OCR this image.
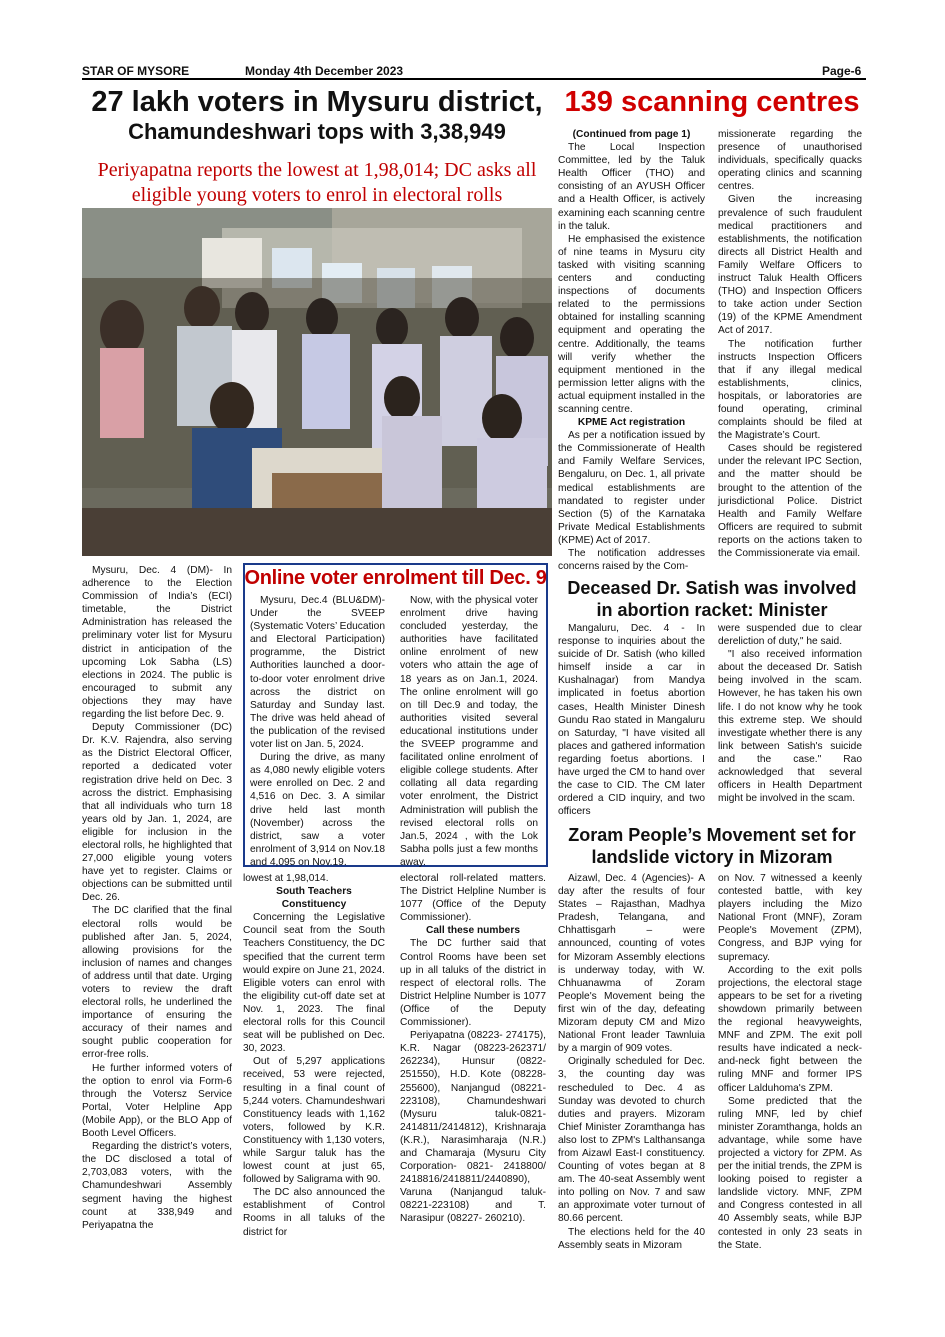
STAR OF MYSORE	Monday 4th December 2023	Page-6
27 lakh voters in Mysuru district,
Chamundeshwari tops with 3,38,949
Periyapatna reports the lowest at 1,98,014; DC asks all eligible young voters to enrol in electoral rolls

Mysuru, Dec. 4 (DM)- In adherence to the Election Commission of India’s (ECI) timetable, the District Administration has released the preliminary voter list for Mysuru district in anticipation of the upcoming Lok Sabha (LS) elections in 2024. The public is encouraged to submit any objections they may have regarding the list before Dec. 9.

Deputy Commissioner (DC) Dr. K.V. Rajendra, also serving as the District Electoral Officer, reported a dedicated voter registration drive held on Dec. 3 across the district. Emphasising that all individuals who turn 18 years old by Jan. 1, 2024, are eligible for inclusion in the electoral rolls, he highlighted that 27,000 eligible young voters have yet to register. Claims or objections can be submitted until Dec. 26.

The DC clarified that the final electoral rolls would be published after Jan. 5, 2024, allowing provisions for the inclusion of names and changes of address until that date. Urging voters to review the draft electoral rolls, he underlined the importance of ensuring the accuracy of their names and sought public cooperation for error-free rolls.

He further informed voters of the option to enrol via Form-6 through the Votersz Service Portal, Voter Helpline App (Mobile App), or the BLO App of Booth Level Officers.

Regarding the district’s voters, the DC disclosed a total of 2,703,083 voters, with the Chamundeshwari Assembly segment having the highest count at 338,949 and Periyapatna the

Online voter enrolment till Dec. 9

Mysuru, Dec.4 (BLU&DM)- Under the SVEEP (Systematic Voters’ Education and Electoral Participation) programme, the District Authorities launched a door-to-door voter enrolment drive across the district on Saturday and Sunday last. The drive was held ahead of the publication of the revised voter list on Jan. 5, 2024.

During the drive, as many as 4,080 newly eligible voters were enrolled on Dec. 2 and 4,516 on Dec. 3. A similar drive held last month (November) across the district, saw a voter enrolment of 3,914 on Nov.18 and 4,095 on Nov.19.

Now, with the physical voter enrolment drive having concluded yesterday, the authorities have facilitated online enrolment of new voters who attain the age of 18 years as on Jan.1, 2024. The online enrolment will go on till Dec.9 and today, the authorities visited several educational institutions under the SVEEP programme and facilitated online enrolment of eligible college students. After collating all data regarding voter enrolment, the District Administration will publish the revised electoral rolls on Jan.5, 2024 , with the Lok Sabha polls just a few months away.

lowest at 1,98,014.

South Teachers Constituency

Concerning the Legislative Council seat from the South Teachers Constituency, the DC specified that the current term would expire on June 21, 2024. Eligible voters can enrol with the eligibility cut-off date set at Nov. 1, 2023. The final electoral rolls for this Council seat will be published on Dec. 30, 2023.

Out of 5,297 applications received, 53 were rejected, resulting in a final count of 5,244 voters. Chamundeshwari Constituency leads with 1,162 voters, followed by K.R. Constituency with 1,130 voters, while Sargur taluk has the lowest count at just 65, followed by Saligrama with 90.

The DC also announced the establishment of Control Rooms in all taluks of the district for

electoral roll-related matters. The District Helpline Number is 1077 (Office of the Deputy Commissioner).

Call these numbers

The DC further said that Control Rooms have been set up in all taluks of the district in respect of electoral rolls. The District Helpline Number is 1077 (Office of the Deputy Commissioner).

Periyapatna (08223- 274175), K.R. Nagar (08223-262371/ 262234), Hunsur (0822- 251550), H.D. Kote (08228- 255600), Nanjangud (08221- 223108), Chamundeshwari (Mysuru taluk-0821- 2414811/2414812), Krishnaraja (K.R.), Narasimharaja (N.R.) and Chamaraja (Mysuru City Corporation- 0821- 2418800/ 2418816/2418811/2440890), Varuna (Nanjangud taluk- 08221-223108) and T. Narasipur (08227- 260210).

139 scanning centres

(Continued from page 1)

The Local Inspection Committee, led by the Taluk Health Officer (THO) and consisting of an AYUSH Officer and a Health Officer, is actively examining each scanning centre in the taluk.

He emphasised the existence of nine teams in Mysuru city tasked with visiting scanning centers and conducting inspections of documents related to the permissions obtained for installing scanning equipment and operating the centre. Additionally, the teams will verify whether the equipment mentioned in the permission letter aligns with the actual equipment installed in the scanning centre.

KPME Act registration

As per a notification issued by the Commissionerate of Health and Family Welfare Services, Bengaluru, on Dec. 1, all private medical establishments are mandated to register under Section (5) of the Karnataka Private Medical Establishments (KPME) Act of 2017.

The notification addresses concerns raised by the Com-

missionerate regarding the presence of unauthorised individuals, specifically quacks operating clinics and scanning centres.

Given the increasing prevalence of such fraudulent medical practitioners and establishments, the notification directs all District Health and Family Welfare Officers to instruct Taluk Health Officers (THO) and Inspection Officers to take action under Section (19) of the KPME Amendment Act of 2017.

The notification further instructs Inspection Officers that if any illegal medical establishments, clinics, hospitals, or laboratories are found operating, criminal complaints should be filed at the Magistrate’s Court.

Cases should be registered under the relevant IPC Section, and the matter should be brought to the attention of the jurisdictional Police. District Health and Family Welfare Officers are required to submit reports on the actions taken to the Commissionerate via email.

Deceased Dr. Satish was involved
in abortion racket: Minister

Mangaluru, Dec. 4 - In response to inquiries about the suicide of Dr. Satish (who killed himself inside a car in Kushalnagar) from Mandya implicated in foetus abortion cases, Health Minister Dinesh Gundu Rao stated in Mangaluru on Saturday, "I have visited all places and gathered information regarding foetus abortions. I have urged the CM to hand over the case to CID. The CM later ordered a CID inquiry, and two officers

were suspended due to clear dereliction of duty," he said.

"I also received information about the deceased Dr. Satish being involved in the scam. However, he has taken his own life. I do not know why he took this extreme step. We should investigate whether there is any link between Satish's suicide and the case." Rao acknowledged that several officers in Health Department might be involved in the scam.

Zoram People’s Movement set for
landslide victory in Mizoram

Aizawl, Dec. 4 (Agencies)- A day after the results of four States – Rajasthan, Madhya Pradesh, Telangana, and Chhattisgarh – were announced, counting of votes for Mizoram Assembly elections is underway today, with W. Chhuanawma of Zoram People's Movement being the first win of the day, defeating Mizoram deputy CM and Mizo National Front leader Tawnluia by a margin of 909 votes.

Originally scheduled for Dec. 3, the counting day was rescheduled to Dec. 4 as Sunday was devoted to church duties and prayers. Mizoram Chief Minister Zoramthanga has also lost to ZPM's Lalthansanga from Aizawl East-I constituency. Counting of votes began at 8 am. The 40-seat Assembly went into polling on Nov. 7 and saw an approximate voter turnout of 80.66 percent.

The elections held for the 40 Assembly seats in Mizoram

on Nov. 7 witnessed a keenly contested battle, with key players including the Mizo National Front (MNF), Zoram People's Movement (ZPM), Congress, and BJP vying for supremacy.

According to the exit polls projections, the electoral stage appears to be set for a riveting showdown primarily between the regional heavyweights, MNF and ZPM. The exit poll results have indicated a neck-and-neck fight between the ruling MNF and former IPS officer Lalduhoma's ZPM.

Some predicted that the ruling MNF, led by chief minister Zoramthanga, holds an advantage, while some have projected a victory for ZPM. As per the initial trends, the ZPM is looking poised to register a landslide victory. MNF, ZPM and Congress contested in all 40 Assembly seats, while BJP contested in only 23 seats in the State.
